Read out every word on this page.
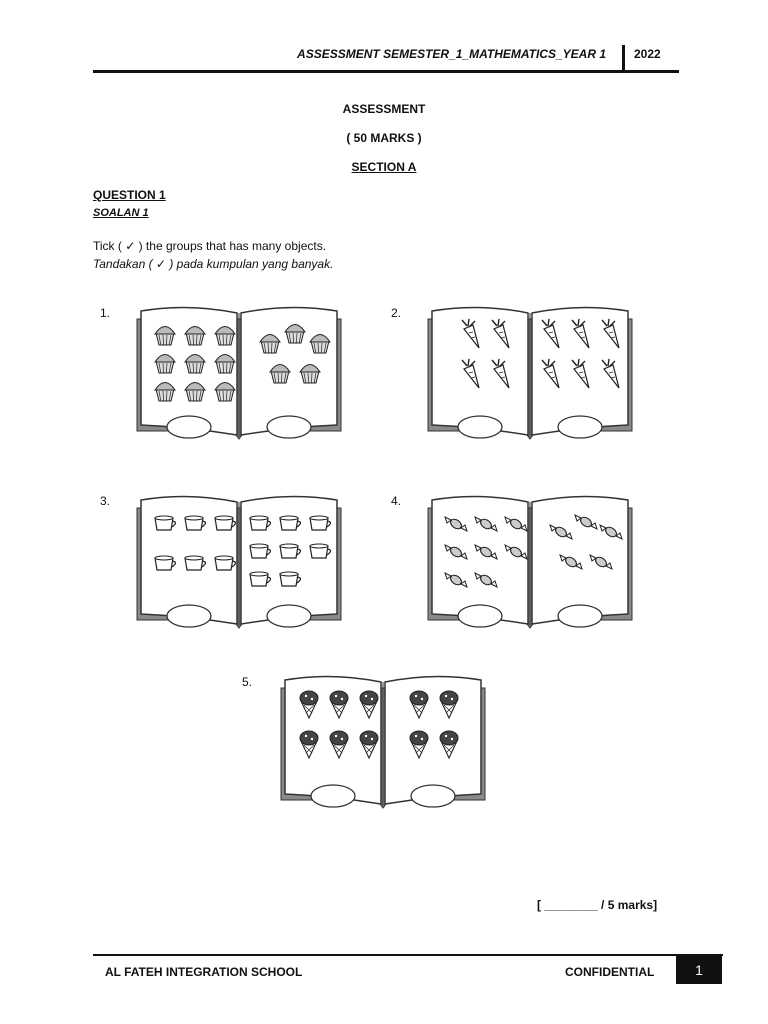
ASSESSMENT SEMESTER_1_MATHEMATICS_YEAR 1 2022
ASSESSMENT
( 50 MARKS )
SECTION A
QUESTION 1
SOALAN 1
Tick ( ✓ ) the groups that has many objects.
Tandakan ( ✓ ) pada kumpulan yang banyak.
1.	2.
3.	4.
5.
[ ________ / 5 marks]
AL FATEH INTEGRATION SCHOOL	CONFIDENTIAL	1
